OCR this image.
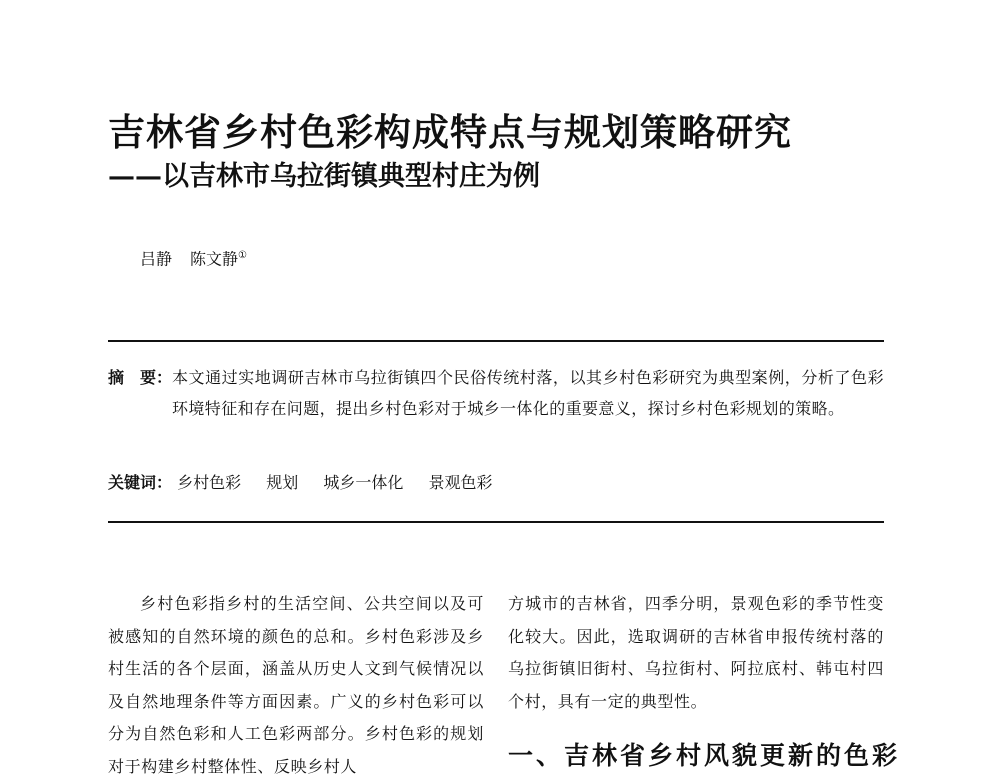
吉林省乡村色彩构成特点与规划策略研究
——以吉林市乌拉街镇典型村庄为例
吕静 陈文静①
摘 要： 本文通过实地调研吉林市乌拉街镇四个民俗传统村落，以其乡村色彩研究为典型案例，分析了色彩环境特征和存在问题，提出乡村色彩对于城乡一体化的重要意义，探讨乡村色彩规划的策略。
关键词： 乡村色彩 规划 城乡一体化 景观色彩

乡村色彩指乡村的生活空间、公共空间以及可被感知的自然环境的颜色的总和。乡村色彩涉及乡村生活的各个层面，涵盖从历史人文到气候情况以及自然地理条件等方面因素。广义的乡村色彩可以分为自然色彩和人工色彩两部分。乡村色彩的规划对于构建乡村整体性、反映乡村人

方城市的吉林省，四季分明，景观色彩的季节性变化较大。因此，选取调研的吉林省申报传统村落的乌拉街镇旧街村、乌拉街村、阿拉底村、韩屯村四个村，具有一定的典型性。

一、吉林省乡村风貌更新的色彩
